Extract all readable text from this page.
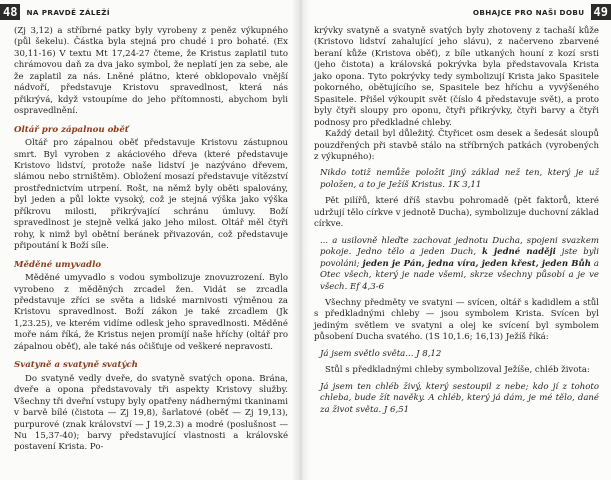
48	NA PRAVDĚ ZÁLEŽÍ

(Zj 3,12) a stříbrné patky byly vyrobeny z peněz výkupného (půl šekelu). Částka byla stejná pro chudé i pro bohaté. (Ex 30,11-16) V textu Mt 17,24-27 čteme, že Kristus zaplatil tuto chrámovou daň za dva jako symbol, že neplatí jen za sebe, ale že zaplatil za nás. Lněné plátno, které obklopovalo vnější nádvoří, představuje Kristovu spravedlnost, která nás přikrývá, když vstoupíme do jeho přítomnosti, abychom byli ospravedlnění.

Oltář pro zápalnou oběť

Oltář pro zápalnou oběť představuje Kristovu zástupnou smrt. Byl vyroben z akáciového dřeva (které představuje Kristovo lidství, protože naše lidství je nazýváno dřevem, slámou nebo strništěm). Obložení mosazí představuje vítězství prostřednictvím utrpení. Rošt, na němž byly oběti spalovány, byl jeden a půl lokte vysoký, což je stejná výška jako výška příkrovu milosti, přikrývající schránu úmluvy. Boží spravedlnost je stejně velká jako jeho milost. Oltář měl čtyři rohy, k nimž byl obětní beránek přivazován, což představuje připoutání k Boží síle.

Měděné umyvadlo

Měděné umyvadlo s vodou symbolizuje znovuzrození. Bylo vyrobeno z měděných zrcadel žen. Vidát se zrcadla představuje zříci se světa a lidské marnivosti výměnou za Kristovu spravedlnost. Boží zákon je také zrcadlem (Jk 1,23.25), ve kterém vidíme odlesk jeho spravedlnosti. Měděné moře nám říká, že Kristus nejen promíjí naše hříchy (oltář pro zápalnou oběť), ale také nás očišťuje od veškeré nepravosti.

Svatyně a svatyně svatých

Do svatyně vedly dveře, do svatyně svatých opona. Brána, dveře a opona představovaly tři aspekty Kristovy služby. Všechny tři dveřní vstupy byly opatřeny nádhernými tkaninami v barvě bílé (čistota — Zj 19,8), šarlatové (oběť — Zj 19,13), purpurové (znak království — J 19,2.3) a modré (poslušnost — Nu 15,37-40); barvy představující vlastnosti a královské postavení Krista. Po-

OBHAJCE PRO NAŠI DOBU 49

krývky svatyně a svatyně svatých byly zhotoveny z tachaší kůže (Kristovo lidství zahalující jeho slávu), z načerveno zbarvené beraní kůže (Kristova oběť), z bíle utkaných houní z kozí srsti (jeho čistota) a královská pokrývka byla představovala Krista jako opona. Tyto pokrývky tedy symbolizují Krista jako Spasitele pokorného, obětujícího se, Spasitele bez hříchu a vyvýšeného Spasitele. Přišel výkoupit svět (číslo 4 představuje svět), a proto byly čtyři sloupy pro oponu, čtyři přikrývky, čtyři barvy a čtyři podnosy pro předkladné chleby.

Každý detail byl důležitý. Čtyřicet osm desek a šedesát sloupů pouzdřených při stavbě stálo na stříbrných patkách (vyrobených z výkupného):

Nikdo totiž nemůže položit jiný základ než ten, který je už položen, a to je Ježíš Kristus. 1K 3,11

Pět pilířů, které dříš stavbu pohromadě (pět faktorů, které udržují tělo církve v jednotě Ducha), symbolizuje duchovní základ církve.

... a usilovně hleďte zachovat jednotu Ducha, spojeni svazkem pokoje. Jedno tělo a jeden Duch, k jedné naději jste byli povoláni; jeden je Pán, jedna víra, jeden křest, jeden Bůh a Otec všech, který je nade všemi, skrze všechny působí a je ve všech. Ef 4,3-6

Všechny předměty ve svatyni — svícen, oltář s kadidlem a stůl s předkladnými chleby — jsou symbolem Krista. Svícen byl jediným světlem ve svatyni a olej ke svícení byl symbolem působení Ducha svatého. (1S 10,1.6; 16,13) Ježíš říká:

Já jsem světlo světa... J 8,12

Stůl s předkladnými chleby symbolizoval Ježíše, chléb života:

Já jsem ten chléb živý, který sestoupil z nebe; kdo jí z tohoto chleba, bude žít navěky. A chléb, který já dám, je mé tělo, dané za život světa. J 6,51
